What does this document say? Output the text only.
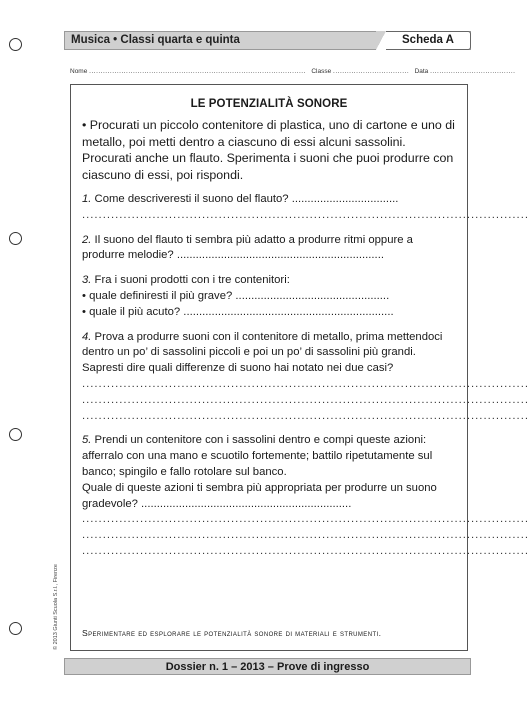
Musica • Classi quarta e quinta	Scheda A
Nome .............................................................................................. Classe ................................. Data .....................................
LE POTENZIALITÀ SONORE

• Procurati un piccolo contenitore di plastica, uno di cartone e uno di metallo, poi metti dentro a ciascuno di essi alcuni sassolini. Procurati anche un flauto. Sperimenta i suoni che puoi produrre con ciascuno di essi, poi rispondi.

1. Come descriveresti il suono del flauto? ..................................

............................................................................................................

2. Il suono del flauto ti sembra più adatto a produrre ritmi oppure a produrre melodie? ..................................................................

3. Fra i suoni prodotti con i tre contenitori:

• quale definiresti il più grave? .................................................

• quale il più acuto? ...................................................................

4. Prova a produrre suoni con il contenitore di metallo, prima mettendoci dentro un po’ di sassolini piccoli e poi un po’ di sassolini più grandi. Sapresti dire quali differenze di suono hai notato nei due casi?

............................................................................................................
............................................................................................................
............................................................................................................

5. Prendi un contenitore con i sassolini dentro e compi queste azioni: afferralo con una mano e scuotilo fortemente; battilo ripetutamente sul banco; spingilo e fallo rotolare sul banco.

Quale di queste azioni ti sembra più appropriata per produrre un suono gradevole? ...................................................................

............................................................................................................
............................................................................................................
............................................................................................................
Sperimentare ed esplorare le potenzialità sonore di materiali e strumenti.
© 2013 Giunti Scuola S.r.l., Firenze
Dossier n. 1 – 2013 – Prove di ingresso
